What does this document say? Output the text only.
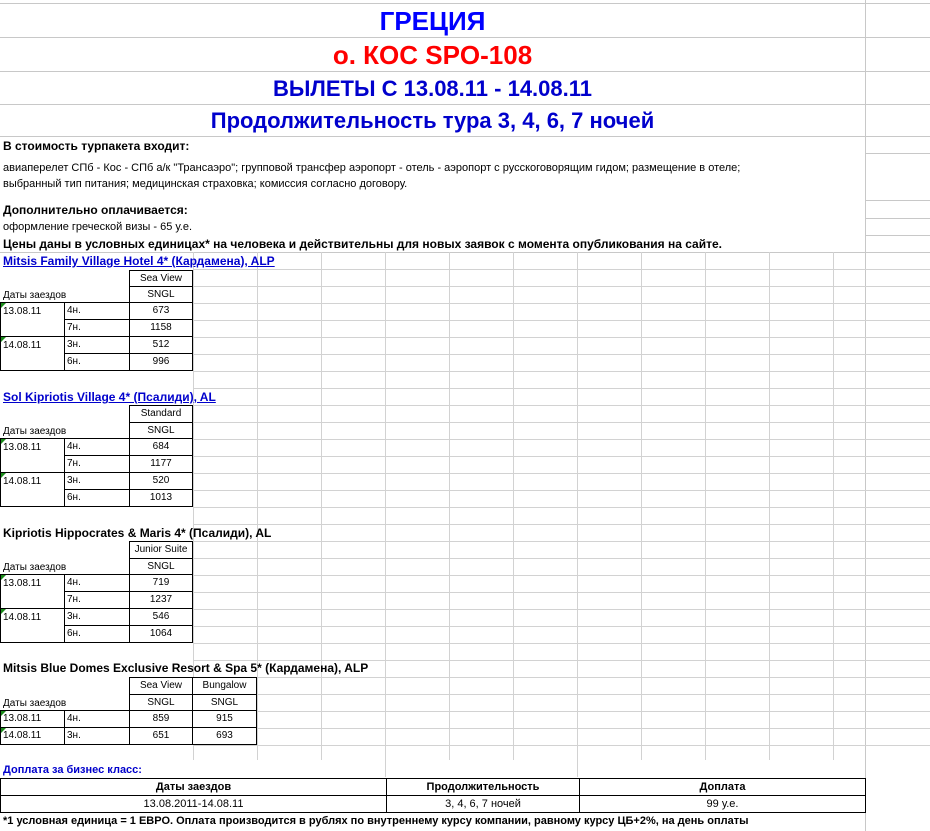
ГРЕЦИЯ
о. КОС SPO-108
ВЫЛЕТЫ С 13.08.11 - 14.08.11
Продолжительность тура 3, 4, 6, 7 ночей
В стоимость турпакета входит:
авиаперелет СПб - Кос - СПб а/к "Трансаэро"; групповой трансфер аэропорт - отель - аэропорт с русскоговорящим гидом; размещение в отеле;
выбранный тип питания; медицинская страховка; комиссия согласно договору.
Дополнительно оплачивается:
оформление греческой визы - 65 у.е.
Цены даны в условных единицах* на человека и действительны для новых заявок с момента опубликования на сайте.
Mitsis Family Village Hotel 4* (Кардамена), ALP
Sea View
SNGL
Даты заездов
13.08.11	4н.	673
7н.	1158
14.08.11	3н.	512
6н.	996
Sol Kipriotis Village 4* (Псалиди), AL
Standard
SNGL
Даты заездов
13.08.11	4н.	684
7н.	1177
14.08.11	3н.	520
6н.	1013
Kipriotis Hippocrates & Maris 4* (Псалиди), AL
Junior Suite
SNGL
Даты заездов
13.08.11	4н.	719
7н.	1237
14.08.11	3н.	546
6н.	1064
Mitsis Blue Domes Exclusive Resort & Spa 5* (Кардамена), ALP
Sea View	Bungalow
SNGL	SNGL
Даты заездов
13.08.11	4н.	859	915
14.08.11	3н.	651	693
Доплата за бизнес класс:
Даты заездов	Продолжительность	Доплата
13.08.2011-14.08.11	3, 4, 6, 7 ночей	99 у.е.
*1 условная единица = 1 ЕВРО. Оплата производится в рублях по внутреннему курсу компании, равному курсу ЦБ+2%, на день оплаты
